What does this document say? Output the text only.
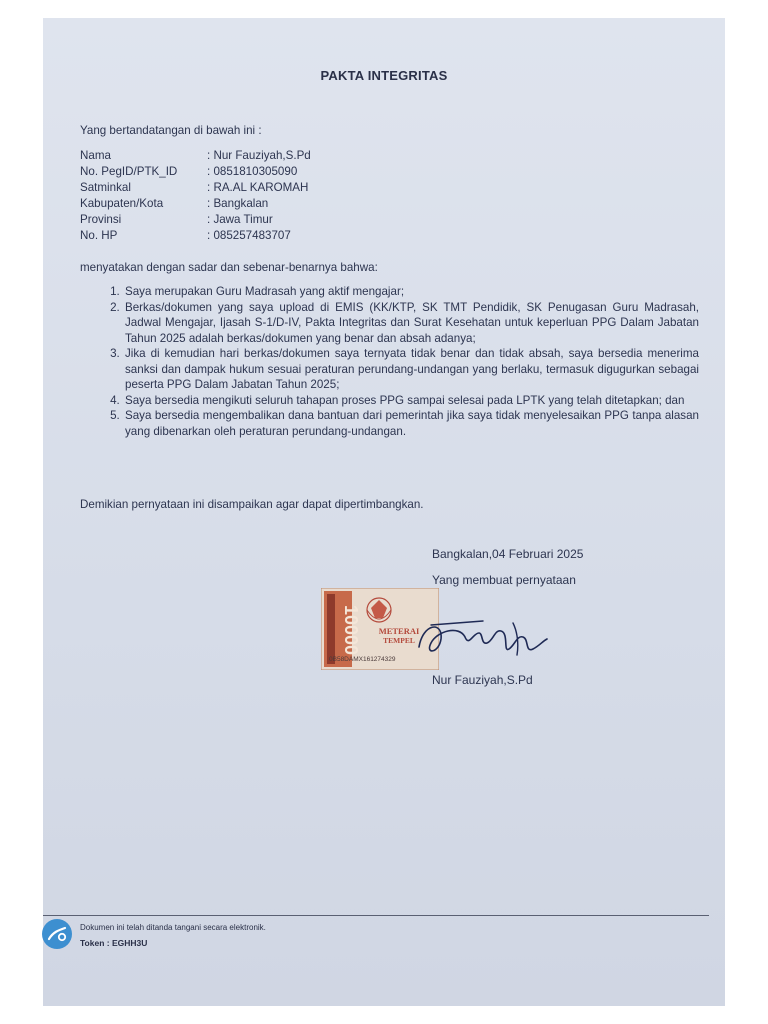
PAKTA INTEGRITAS
Yang bertandatangan di bawah ini :
Nama	: Nur Fauziyah,S.Pd
No. PegID/PTK_ID	: 0851810305090
Satminkal	: RA.AL KAROMAH
Kabupaten/Kota	: Bangkalan
Provinsi	: Jawa Timur
No. HP	: 085257483707
menyatakan dengan sadar dan sebenar-benarnya bahwa:
1. Saya merupakan Guru Madrasah yang aktif mengajar;
2. Berkas/dokumen yang saya upload di EMIS (KK/KTP, SK TMT Pendidik, SK Penugasan Guru Madrasah, Jadwal Mengajar, Ijasah S-1/D-IV, Pakta Integritas dan Surat Kesehatan untuk keperluan PPG Dalam Jabatan Tahun 2025 adalah berkas/dokumen yang benar dan absah adanya;
3. Jika di kemudian hari berkas/dokumen saya ternyata tidak benar dan tidak absah, saya bersedia menerima sanksi dan dampak hukum sesuai peraturan perundang-undangan yang berlaku, termasuk digugurkan sebagai peserta PPG Dalam Jabatan Tahun 2025;
4. Saya bersedia mengikuti seluruh tahapan proses PPG sampai selesai pada LPTK yang telah ditetapkan; dan
5. Saya bersedia mengembalikan dana bantuan dari pemerintah jika saya tidak menyelesaikan PPG tanpa alasan yang dibenarkan oleh peraturan perundang-undangan.
Demikian pernyataan ini disampaikan agar dapat dipertimbangkan.
Bangkalan,04 Februari 2025
Yang membuat pernyataan
10000 METERAI
TEMPEL
0B58DAMX161274329
Nur Fauziyah,S.Pd
Dokumen ini telah ditanda tangani secara elektronik.
Token : EGHH3U
